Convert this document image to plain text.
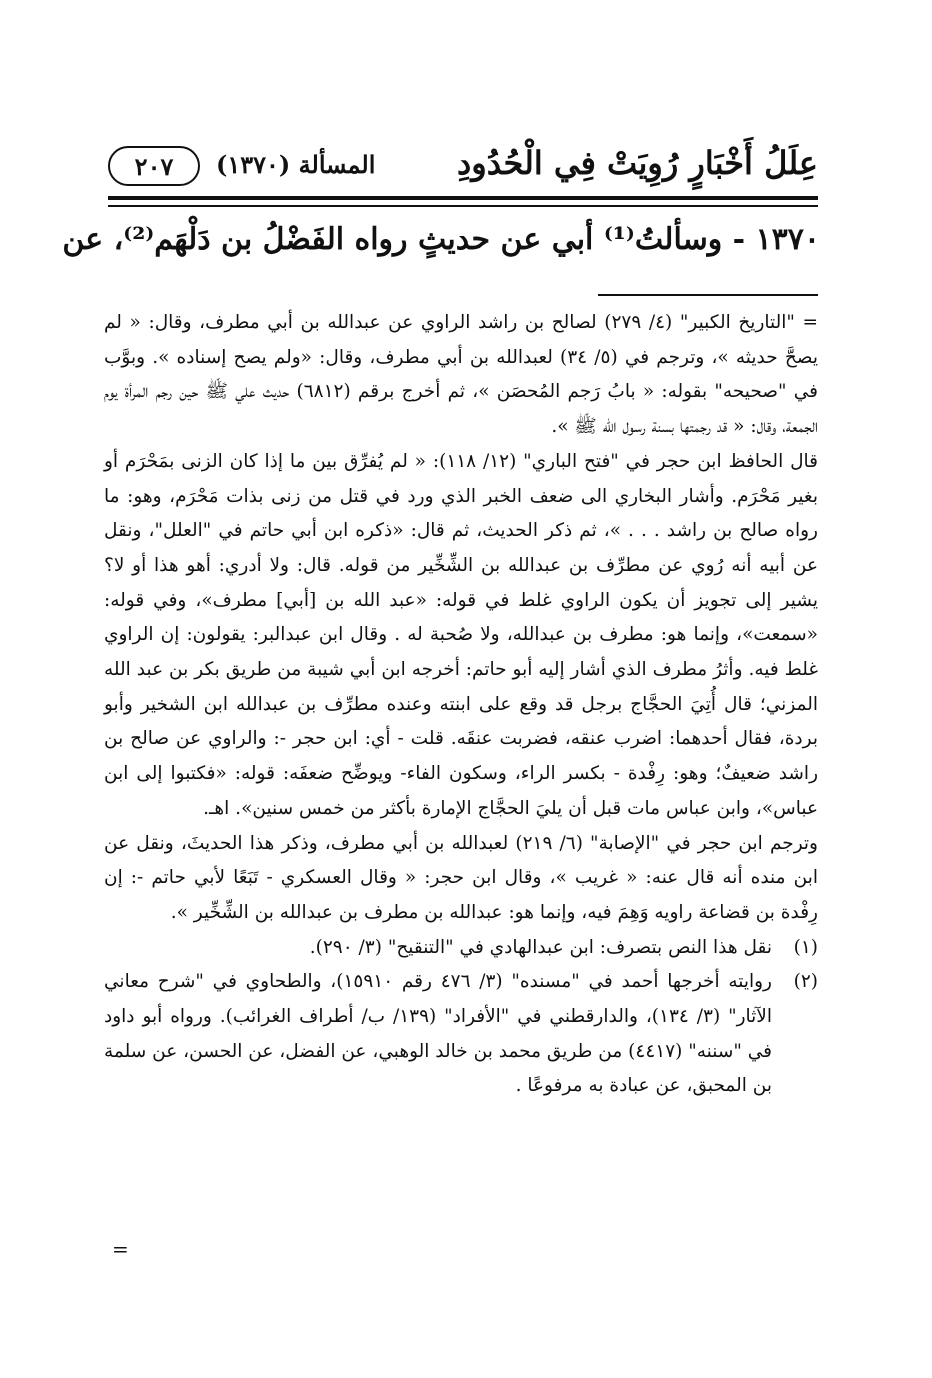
عِلَلُ أَخْبَارٍ رُوِيَتْ فِي الْحُدُودِ
المسألة (١٣٧٠)
٢٠٧
١٣٧٠ - وسألتُ⁽¹⁾ أبي عن حديثٍ رواه الفَضْلُ بن دَلْهَم⁽²⁾، عن

= "التاريخ الكبير" (٤/ ٢٧٩) لصالح بن راشد الراوي عن عبدالله بن أبي مطرف، وقال: « لم يصحَّ حديثه »، وترجم في (٥/ ٣٤) لعبدالله بن أبي مطرف، وقال: «ولم يصح إسناده ». وبوَّب في "صحيحه" بقوله: « بابُ رَجم المُحصَن »، ثم أخرج برقم (٦٨١٢) حديث علي ﷺ حين رجم المرأة يوم الجمعة، وقال: « قد رجمتها بسنة رسول الله ﷺ ».

قال الحافظ ابن حجر في "فتح الباري" (١٢/ ١١٨): « لم يُفرِّق بين ما إذا كان الزنى بمَحْرَم أو بغير مَحْرَم. وأشار البخاري الى ضعف الخبر الذي ورد في قتل من زنى بذات مَحْرَم، وهو: ما رواه صالح بن راشد . . . »، ثم ذكر الحديث، ثم قال: «ذكره ابن أبي حاتم في "العلل"، ونقل عن أبيه أنه رُوي عن مطرِّف بن عبدالله بن الشِّخِّير من قوله. قال: ولا أدري: أهو هذا أو لا؟ يشير إلى تجويز أن يكون الراوي غلط في قوله: «عبد الله بن [أبي] مطرف»، وفي قوله: «سمعت»، وإنما هو: مطرف بن عبدالله، ولا صُحبة له . وقال ابن عبدالبر: يقولون: إن الراوي غلط فيه. وأثرُ مطرف الذي أشار إليه أبو حاتم: أخرجه ابن أبي شيبة من طريق بكر بن عبد الله المزني؛ قال أُتِيَ الحجَّاج برجل قد وقع على ابنته وعنده مطرِّف بن عبدالله ابن الشخير وأبو بردة، فقال أحدهما: اضرب عنقه، فضربت عنقَه. قلت - أي: ابن حجر -: والراوي عن صالح بن راشد ضعيفٌ؛ وهو: رِفْدة - بكسر الراء، وسكون الفاء- ويوضِّح ضعفَه: قوله: «فكتبوا إلى ابن عباس»، وابن عباس مات قبل أن يليَ الحجَّاج الإمارة بأكثر من خمس سنين». اهـ.

وترجم ابن حجر في "الإصابة" (٦/ ٢١٩) لعبدالله بن أبي مطرف، وذكر هذا الحديثَ، ونقل عن ابن منده أنه قال عنه: « غريب »، وقال ابن حجر: « وقال العسكري - تَبَعًا لأبي حاتم -: إن رِفْدة بن قضاعة راويه وَهِمَ فيه، وإنما هو: عبدالله بن مطرف بن عبدالله بن الشِّخِّير ».

(١)
نقل هذا النص بتصرف: ابن عبدالهادي في "التنقيح" (٣/ ٢٩٠).
(٢)
روايته أخرجها أحمد في "مسنده" (٣/ ٤٧٦ رقم ١٥٩١٠)، والطحاوي في "شرح معاني الآثار" (٣/ ١٣٤)، والدارقطني في "الأفراد" (١٣٩/ ب/ أطراف الغرائب). ورواه أبو داود في "سننه" (٤٤١٧) من طريق محمد بن خالد الوهبي، عن الفضل، عن الحسن، عن سلمة بن المحبق، عن عبادة به مرفوعًا .
=
